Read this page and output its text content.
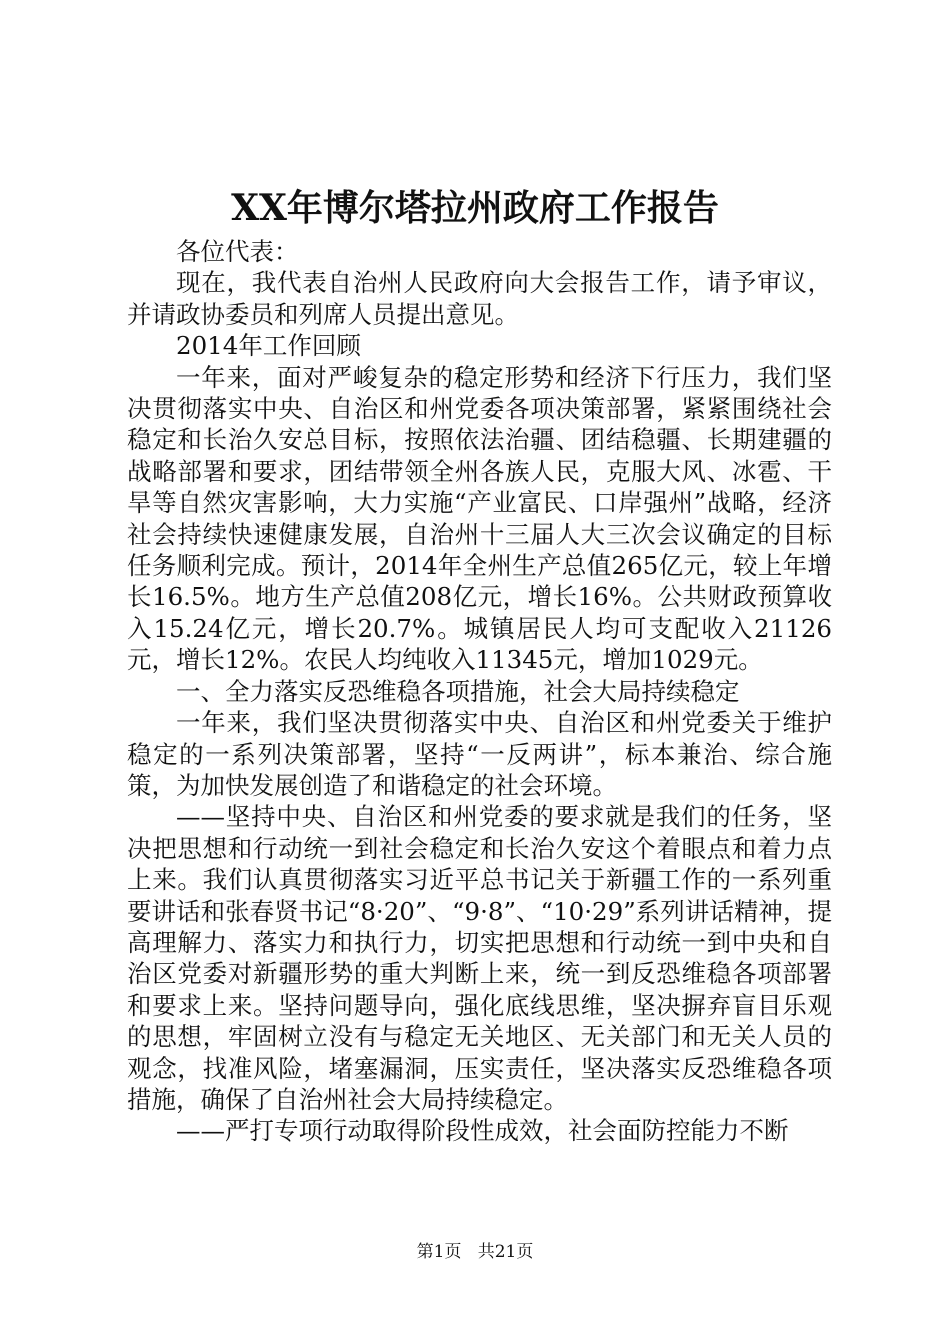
XX年博尔塔拉州政府工作报告

各位代表：

现在，我代表自治州人民政府向大会报告工作，请予审议，并请政协委员和列席人员提出意见。

2014年工作回顾

一年来，面对严峻复杂的稳定形势和经济下行压力，我们坚决贯彻落实中央、自治区和州党委各项决策部署，紧紧围绕社会稳定和长治久安总目标，按照依法治疆、团结稳疆、长期建疆的战略部署和要求，团结带领全州各族人民，克服大风、冰雹、干旱等自然灾害影响，大力实施“产业富民、口岸强州”战略，经济社会持续快速健康发展，自治州十三届人大三次会议确定的目标任务顺利完成。预计，2014年全州生产总值265亿元，较上年增长16.5%。地方生产总值208亿元，增长16%。公共财政预算收入15.24亿元，增长20.7%。城镇居民人均可支配收入21126元，增长12%。农民人均纯收入11345元，增加1029元。

一、全力落实反恐维稳各项措施，社会大局持续稳定

一年来，我们坚决贯彻落实中央、自治区和州党委关于维护稳定的一系列决策部署，坚持“一反两讲”，标本兼治、综合施策，为加快发展创造了和谐稳定的社会环境。

——坚持中央、自治区和州党委的要求就是我们的任务，坚决把思想和行动统一到社会稳定和长治久安这个着眼点和着力点上来。我们认真贯彻落实习近平总书记关于新疆工作的一系列重要讲话和张春贤书记“8·20”、“9·8”、“10·29”系列讲话精神，提高理解力、落实力和执行力，切实把思想和行动统一到中央和自治区党委对新疆形势的重大判断上来，统一到反恐维稳各项部署和要求上来。坚持问题导向，强化底线思维，坚决摒弃盲目乐观的思想，牢固树立没有与稳定无关地区、无关部门和无关人员的观念，找准风险，堵塞漏洞，压实责任，坚决落实反恐维稳各项措施，确保了自治州社会大局持续稳定。

——严打专项行动取得阶段性成效，社会面防控能力不断

第1页 共21页
